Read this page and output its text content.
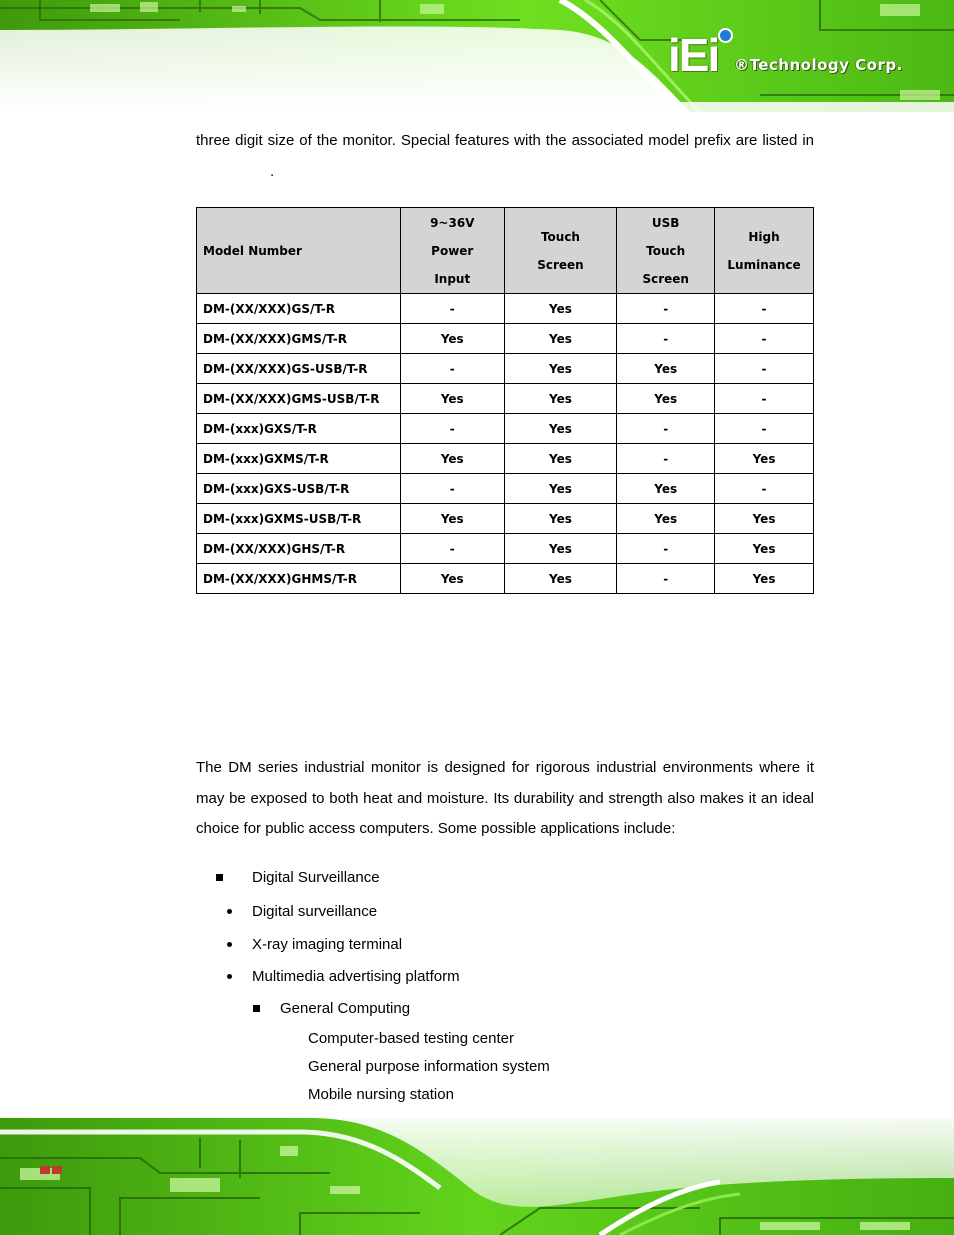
iEi ®Technology Corp.

three digit size of the monitor. Special features with the associated model prefix are listed in.

Model Number	9~36V
Power
Input	Touch
Screen	USB
Touch
Screen	High
Luminance
DM-(XX/XXX)GS/T-R	-	Yes	-	-
DM-(XX/XXX)GMS/T-R	Yes	Yes	-	-
DM-(XX/XXX)GS-USB/T-R	-	Yes	Yes	-
DM-(XX/XXX)GMS-USB/T-R	Yes	Yes	Yes	-
DM-(xxx)GXS/T-R	-	Yes	-	-
DM-(xxx)GXMS/T-R	Yes	Yes	-	Yes
DM-(xxx)GXS-USB/T-R	-	Yes	Yes	-
DM-(xxx)GXMS-USB/T-R	Yes	Yes	Yes	Yes
DM-(XX/XXX)GHS/T-R	-	Yes	-	Yes
DM-(XX/XXX)GHMS/T-R	Yes	Yes	-	Yes

The DM series industrial monitor is designed for rigorous industrial environments where it may be exposed to both heat and moisture. Its durability and strength also makes it an ideal choice for public access computers. Some possible applications include:

Digital Surveillance
Digital surveillance
X-ray imaging terminal
Multimedia advertising platform
General Computing
Computer-based testing center
General purpose information system
Mobile nursing station
